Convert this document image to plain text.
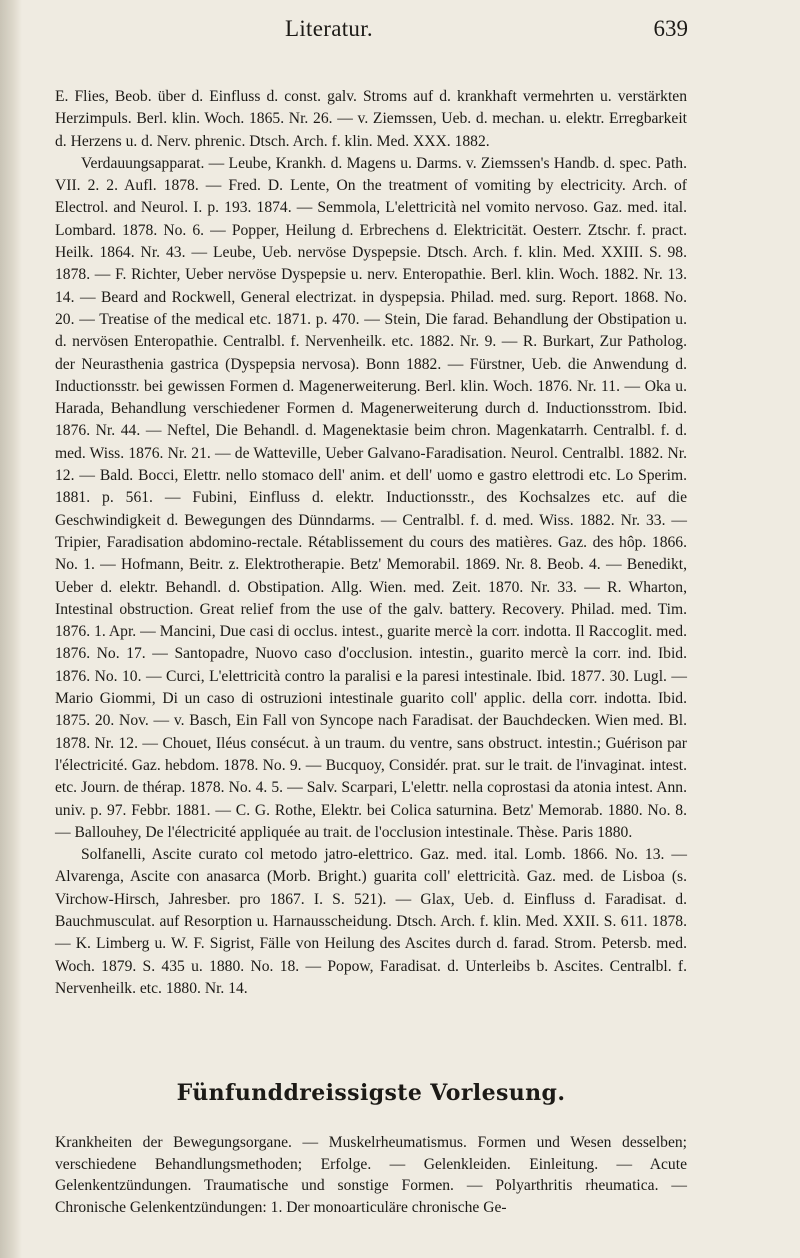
Literatur.	639

E. Flies, Beob. über d. Einfluss d. const. galv. Stroms auf d. krankhaft vermehrten u. verstärkten Herzimpuls. Berl. klin. Woch. 1865. Nr. 26. — v. Ziemssen, Ueb. d. mechan. u. elektr. Erregbarkeit d. Herzens u. d. Nerv. phrenic. Dtsch. Arch. f. klin. Med. XXX. 1882.

Verdauungsapparat. — Leube, Krankh. d. Magens u. Darms. v. Ziemssen's Handb. d. spec. Path. VII. 2. 2. Aufl. 1878. — Fred. D. Lente, On the treatment of vomiting by electricity. Arch. of Electrol. and Neurol. I. p. 193. 1874. — Semmola, L'elettricità nel vomito nervoso. Gaz. med. ital. Lombard. 1878. No. 6. — Popper, Heilung d. Erbrechens d. Elektricität. Oesterr. Ztschr. f. pract. Heilk. 1864. Nr. 43. — Leube, Ueb. nervöse Dyspepsie. Dtsch. Arch. f. klin. Med. XXIII. S. 98. 1878. — F. Richter, Ueber nervöse Dyspepsie u. nerv. Enteropathie. Berl. klin. Woch. 1882. Nr. 13. 14. — Beard and Rockwell, General electrizat. in dyspepsia. Philad. med. surg. Report. 1868. No. 20. — Treatise of the medical etc. 1871. p. 470. — Stein, Die farad. Behandlung der Obstipation u. d. nervösen Enteropathie. Centralbl. f. Nervenheilk. etc. 1882. Nr. 9. — R. Burkart, Zur Patholog. der Neurasthenia gastrica (Dyspepsia nervosa). Bonn 1882. — Fürstner, Ueb. die Anwendung d. Inductionsstr. bei gewissen Formen d. Magenerweiterung. Berl. klin. Woch. 1876. Nr. 11. — Oka u. Harada, Behandlung verschiedener Formen d. Magenerweiterung durch d. Inductionsstrom. Ibid. 1876. Nr. 44. — Neftel, Die Behandl. d. Magenektasie beim chron. Magenkatarrh. Centralbl. f. d. med. Wiss. 1876. Nr. 21. — de Watteville, Ueber Galvano-Faradisation. Neurol. Centralbl. 1882. Nr. 12. — Bald. Bocci, Elettr. nello stomaco dell' anim. et dell' uomo e gastro elettrodi etc. Lo Sperim. 1881. p. 561. — Fubini, Einfluss d. elektr. Inductionsstr., des Kochsalzes etc. auf die Geschwindigkeit d. Bewegungen des Dünndarms. — Centralbl. f. d. med. Wiss. 1882. Nr. 33. — Tripier, Faradisation abdomino-rectale. Rétablissement du cours des matières. Gaz. des hôp. 1866. No. 1. — Hofmann, Beitr. z. Elektrotherapie. Betz' Memorabil. 1869. Nr. 8. Beob. 4. — Benedikt, Ueber d. elektr. Behandl. d. Obstipation. Allg. Wien. med. Zeit. 1870. Nr. 33. — R. Wharton, Intestinal obstruction. Great relief from the use of the galv. battery. Recovery. Philad. med. Tim. 1876. 1. Apr. — Mancini, Due casi di occlus. intest., guarite mercè la corr. indotta. Il Raccoglit. med. 1876. No. 17. — Santopadre, Nuovo caso d'occlusion. intestin., guarito mercè la corr. ind. Ibid. 1876. No. 10. — Curci, L'elettricità contro la paralisi e la paresi intestinale. Ibid. 1877. 30. Lugl. — Mario Giommi, Di un caso di ostruzioni intestinale guarito coll' applic. della corr. indotta. Ibid. 1875. 20. Nov. — v. Basch, Ein Fall von Syncope nach Faradisat. der Bauchdecken. Wien med. Bl. 1878. Nr. 12. — Chouet, Iléus consécut. à un traum. du ventre, sans obstruct. intestin.; Guérison par l'électricité. Gaz. hebdom. 1878. No. 9. — Bucquoy, Considér. prat. sur le trait. de l'invaginat. intest. etc. Journ. de thérap. 1878. No. 4. 5. — Salv. Scarpari, L'elettr. nella coprostasi da atonia intest. Ann. univ. p. 97. Febbr. 1881. — C. G. Rothe, Elektr. bei Colica saturnina. Betz' Memorab. 1880. No. 8. — Ballouhey, De l'électricité appliquée au trait. de l'occlusion intestinale. Thèse. Paris 1880.

Solfanelli, Ascite curato col metodo jatro-elettrico. Gaz. med. ital. Lomb. 1866. No. 13. — Alvarenga, Ascite con anasarca (Morb. Bright.) guarita coll' elettricità. Gaz. med. de Lisboa (s. Virchow-Hirsch, Jahresber. pro 1867. I. S. 521). — Glax, Ueb. d. Einfluss d. Faradisat. d. Bauchmusculat. auf Resorption u. Harnausscheidung. Dtsch. Arch. f. klin. Med. XXII. S. 611. 1878. — K. Limberg u. W. F. Sigrist, Fälle von Heilung des Ascites durch d. farad. Strom. Petersb. med. Woch. 1879. S. 435 u. 1880. No. 18. — Popow, Faradisat. d. Unterleibs b. Ascites. Centralbl. f. Nervenheilk. etc. 1880. Nr. 14.

Fünfunddreissigste Vorlesung.

Krankheiten der Bewegungsorgane. — Muskelrheumatismus. Formen und Wesen desselben; verschiedene Behandlungsmethoden; Erfolge. — Gelenkleiden. Einleitung. — Acute Gelenkentzündungen. Traumatische und sonstige Formen. — Polyarthritis rheumatica. — Chronische Gelenkentzündungen: 1. Der monoarticuläre chronische Ge-
